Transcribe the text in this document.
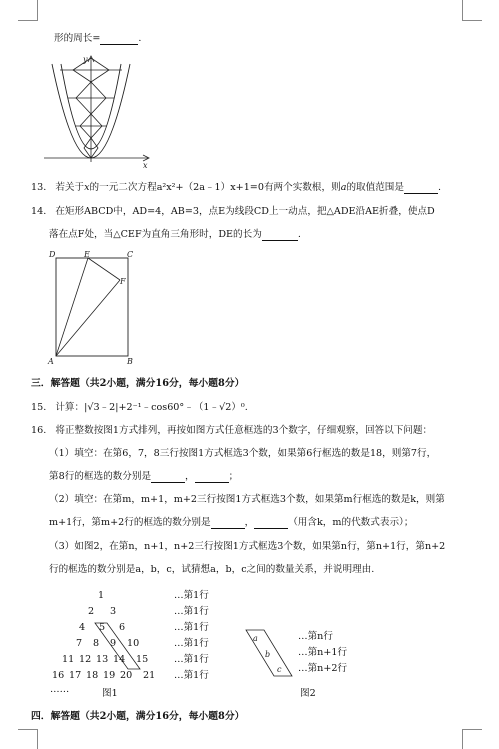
形的周长=	.
y
x
13. 若关于x的一元二次方程a²x²+（2a﹣1）x+1=0有两个实数根，则a的取值范围是	.
14. 在矩形ABCD中，AD=4，AB=3，点E为线段CD上一动点，把△ADE沿AE折叠，使点D
落在点F处，当△CEF为直角三角形时，DE的长为	.
D	E	C
F
A	B
三．解答题（共2小题，满分16分，每小题8分）
15. 计算：|√3﹣2|+2⁻¹﹣cos60°﹣（1﹣√2）⁰.
16. 将正整数按图1方式排列，再按如图方式任意框选的3个数字，仔细观察，回答以下问题：
（1）填空：在第6，7，8三行按图1方式框选3个数，如果第6行框选的数是18，则第7行，
第8行的框选的数分别是	，	；
（2）填空：在第m，m+1，m+2三行按图1方式框选3个数，如果第m行框选的数是k，则第
m+1行，第m+2行的框选的数分别是	，	（用含k，m的代数式表示）；
（3）如图2，在第n，n+1，n+2三行按图1方式框选3个数，如果第n行，第n+1行，第n+2
行的框选的数分别是a，b，c，试猜想a，b，c之间的数量关系，并说明理由.
1
2 3
4 5 6
7 8 9 10
11 12 13 14 15
16 17 18 19 20 21
……
…第1行
…第1行
…第1行
…第1行
…第1行
…第1行
图1
a
b
c
…第n行
…第n+1行
…第n+2行
图2
四．解答题（共2小题，满分16分，每小题8分）
